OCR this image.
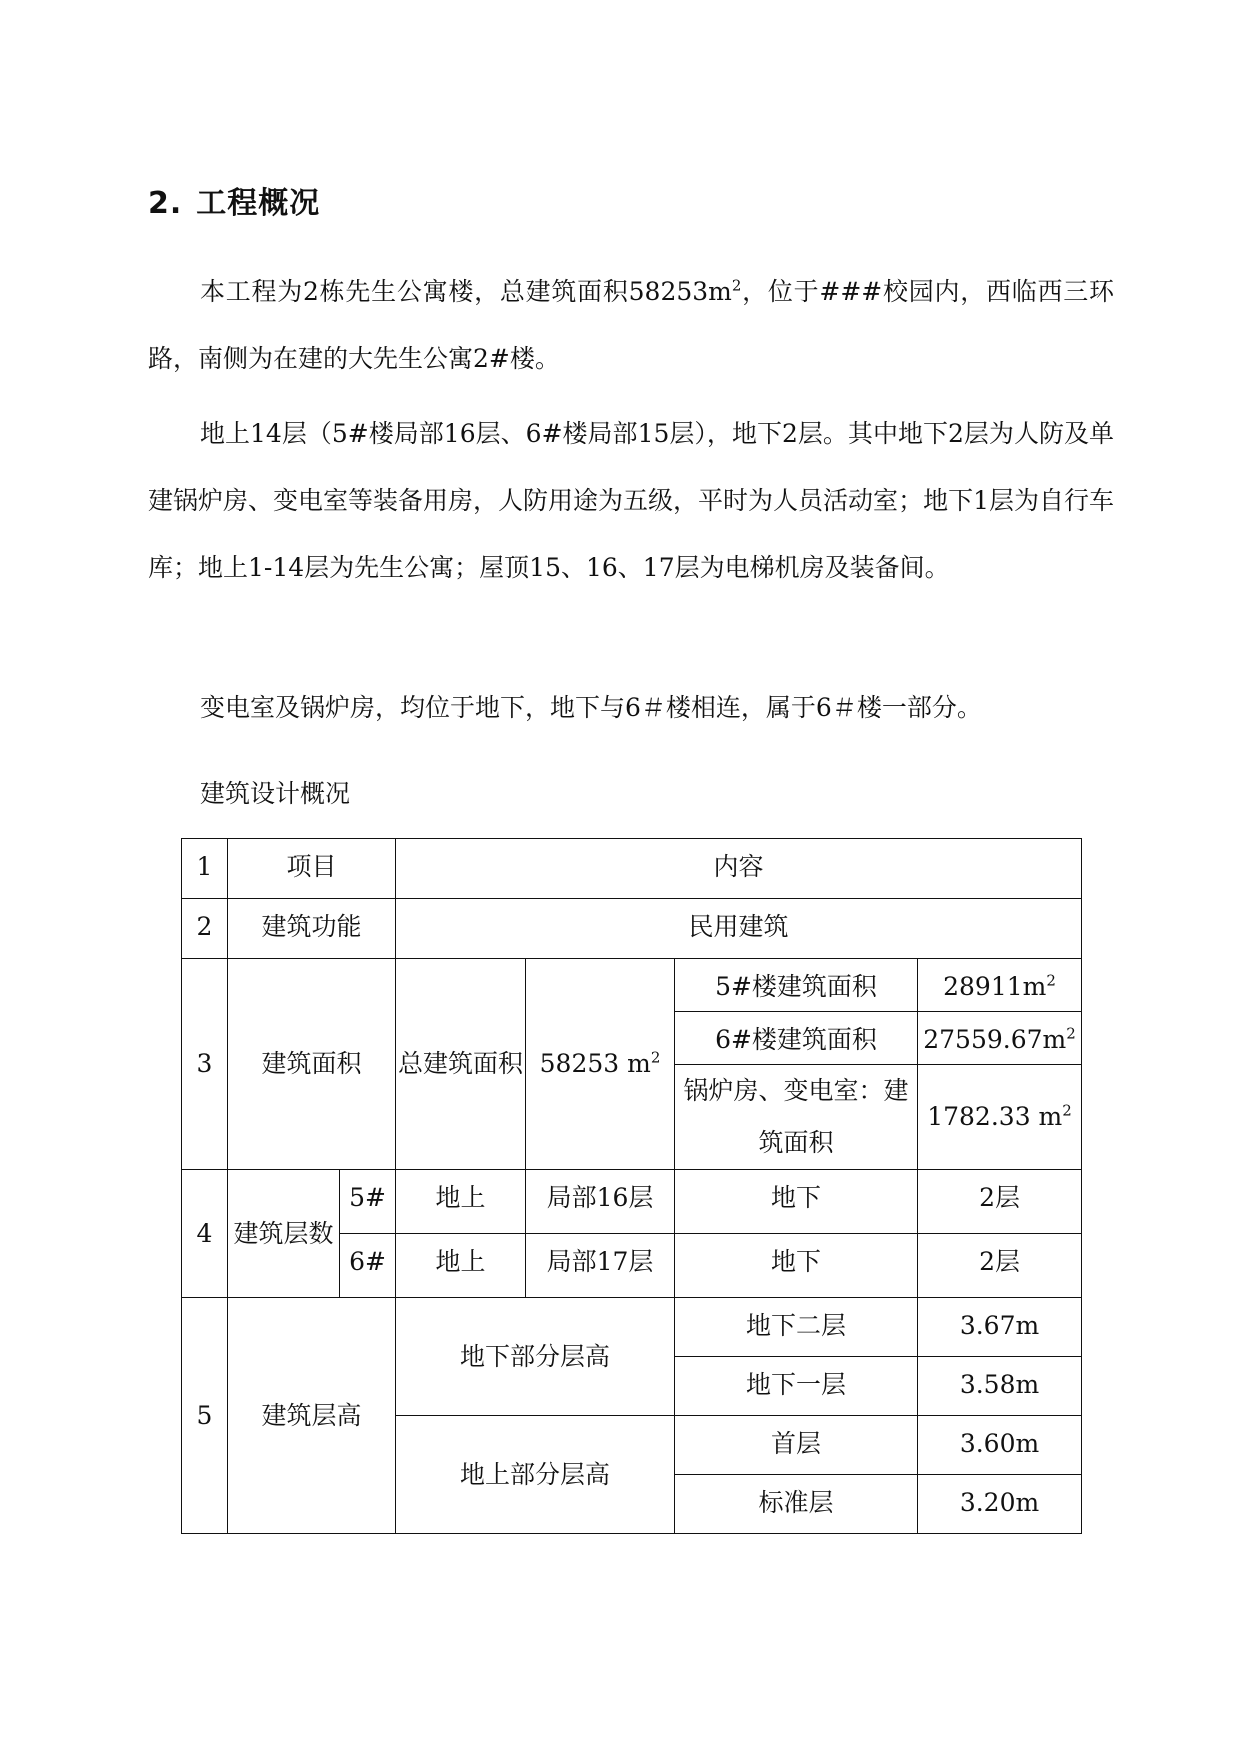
2. 工程概况

本工程为2栋先生公寓楼，总建筑面积$58253m^2$，位于###校园内，西临西三环路，南侧为在建的大先生公寓2#楼。

地上14层（5#楼局部16层、6#楼局部15层），地下2层。其中地下2层为人防及单建锅炉房、变电室等装备用房，人防用途为五级，平时为人员活动室；地下1层为自行车库；地上1-14层为先生公寓；屋顶15、16、17层为电梯机房及装备间。

变电室及锅炉房，均位于地下，地下与6＃楼相连，属于6＃楼一部分。

建筑设计概况
1	项目		内容			
2	建筑功能		民用建筑			
3	建筑面积		总建筑面积	58253 $m^2$	5#楼建筑面积	$28911m^2$
					6#楼建筑面积	$27559.67m^2$
					锅炉房、变电室：建筑面积	1782.33 $m^2$
4	建筑层数	5#	地上	局部16层	地下	2层
		6#	地上	局部17层	地下	2层
5	建筑层高		地下部分层高		地下二层	3.67m
					地下一层	3.58m
			地上部分层高		首层	3.60m
					标准层	3.20m
